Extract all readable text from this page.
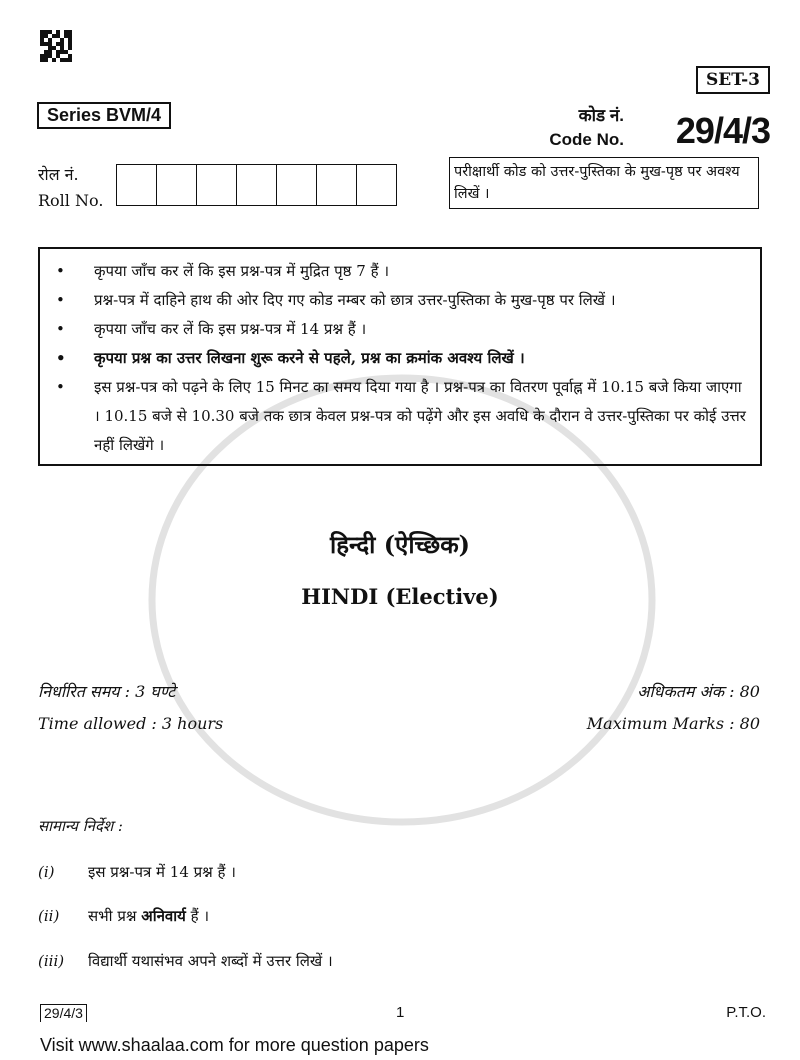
SET-3
Series BVM/4	कोड नं.
Code No. 29/4/3
रोल नं.
Roll No.
परीक्षार्थी कोड को उत्तर-पुस्तिका के मुख-पृष्ठ पर अवश्य लिखें ।
•	कृपया जाँच कर लें कि इस प्रश्न-पत्र में मुद्रित पृष्ठ 7 हैं ।
•	प्रश्न-पत्र में दाहिने हाथ की ओर दिए गए कोड नम्बर को छात्र उत्तर-पुस्तिका के मुख-पृष्ठ पर लिखें ।
•	कृपया जाँच कर लें कि इस प्रश्न-पत्र में 14 प्रश्न हैं ।
•	कृपया प्रश्न का उत्तर लिखना शुरू करने से पहले, प्रश्न का क्रमांक अवश्य लिखें ।
•	इस प्रश्न-पत्र को पढ़ने के लिए 15 मिनट का समय दिया गया है । प्रश्न-पत्र का वितरण पूर्वाह्न में 10.15 बजे किया जाएगा । 10.15 बजे से 10.30 बजे तक छात्र केवल प्रश्न-पत्र को पढ़ेंगे और इस अवधि के दौरान वे उत्तर-पुस्तिका पर कोई उत्तर नहीं लिखेंगे ।
हिन्दी (ऐच्छिक)
HINDI (Elective)
निर्धारित समय : 3 घण्टे
Time allowed : 3 hours
अधिकतम अंक : 80
Maximum Marks : 80
सामान्य निर्देश :
(i) इस प्रश्न-पत्र में 14 प्रश्न हैं ।
(ii) सभी प्रश्न अनिवार्य हैं ।
(iii) विद्यार्थी यथासंभव अपने शब्दों में उत्तर लिखें ।
29/4/3	1	P.T.O.
Visit www.shaalaa.com for more question papers
